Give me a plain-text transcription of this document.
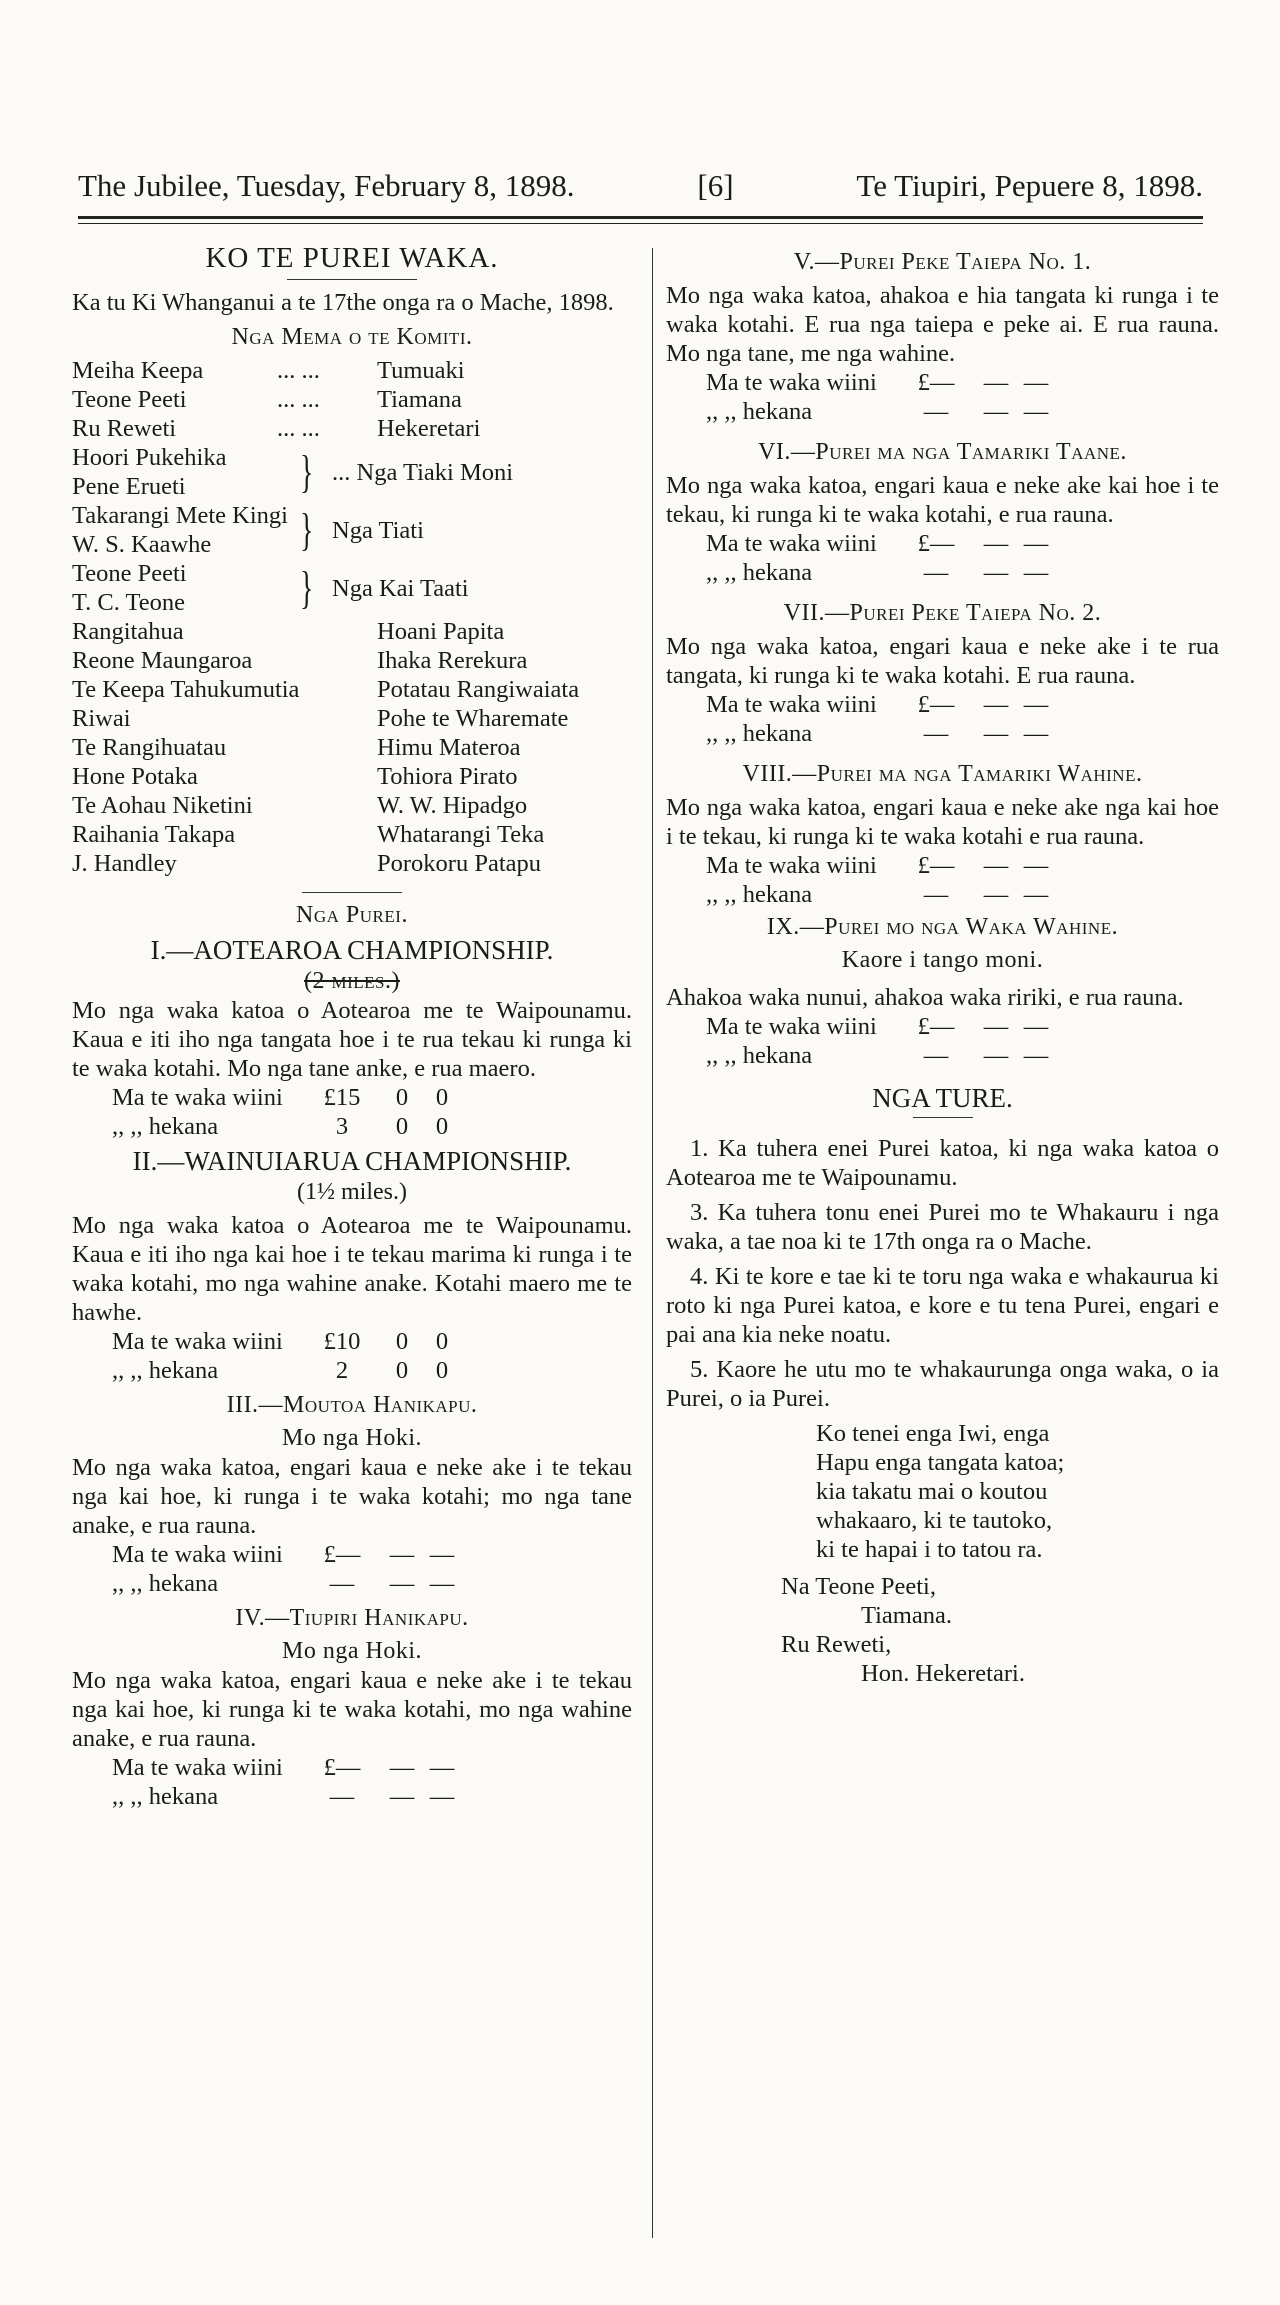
The Jubilee, Tuesday, February 8, 1898.	[6]	Te Tiupiri, Pepuere 8, 1898.
KO TE PUREI WAKA.

Ka tu Ki Whanganui a te 17the onga ra o Mache, 1898.

Nga Mema o te Komiti.
Meiha Keepa	... ...	Tumuaki
Teone Peeti	... ...	Tiamana
Ru Reweti	... ...	Hekeretari
Hoori Pukehika
Pene Erueti	} ... Nga Tiaki Moni
Takarangi Mete Kingi
W. S. Kaawhe	} Nga Tiati
Teone Peeti
T. C. Teone	} Nga Kai Taati
Rangitahua	Hoani Papita
Reone Maungaroa	Ihaka Rerekura
Te Keepa Tahukumutia	Potatau Rangiwaiata
Riwai	Pohe te Wharemate
Te Rangihuatau	Himu Materoa
Hone Potaka	Tohiora Pirato
Te Aohau Niketini	W. W. Hipadgo
Raihania Takapa	Whatarangi Teka
J. Handley	Porokoru Patapu
Nga Purei.
I.—AOTEAROA CHAMPIONSHIP.
(2 miles.)

Mo nga waka katoa o Aotearoa me te Waipounamu. Kaua e iti iho nga tangata hoe i te rua tekau ki runga ki te waka kotahi. Mo nga tane anke, e rua maero.

Ma te waka wiini	£15	0	0
,, ,, hekana	3	0	0
II.—WAINUIARUA CHAMPIONSHIP.
(1½ miles.)

Mo nga waka katoa o Aotearoa me te Waipounamu. Kaua e iti iho nga kai hoe i te tekau marima ki runga i te waka kotahi, mo nga wahine anake. Kotahi maero me te hawhe.

Ma te waka wiini	£10	0	0
,, ,, hekana	2	0	0
III.—Moutoa Hanikapu.
Mo nga Hoki.

Mo nga waka katoa, engari kaua e neke ake i te tekau nga kai hoe, ki runga i te waka kotahi; mo nga tane anake, e rua rauna.

Ma te waka wiini	£—	— —
,, ,, hekana	—	— —
IV.—Tiupiri Hanikapu.
Mo nga Hoki.

Mo nga waka katoa, engari kaua e neke ake i te tekau nga kai hoe, ki runga ki te waka kotahi, mo nga wahine anake, e rua rauna.

Ma te waka wiini	£—	— —
,, ,, hekana	—	— —
V.—Purei Peke Taiepa No. 1.

Mo nga waka katoa, ahakoa e hia tangata ki runga i te waka kotahi. E rua nga taiepa e peke ai. E rua rauna. Mo nga tane, me nga wahine.

Ma te waka wiini	£—	— —
,, ,, hekana	—	— —
VI.—Purei ma nga Tamariki Taane.

Mo nga waka katoa, engari kaua e neke ake kai hoe i te tekau, ki runga ki te waka kotahi, e rua rauna.

Ma te waka wiini	£—	— —
,, ,, hekana	—	— —
VII.—Purei Peke Taiepa No. 2.

Mo nga waka katoa, engari kaua e neke ake i te rua tangata, ki runga ki te waka kotahi. E rua rauna.

Ma te waka wiini	£—	— —
,, ,, hekana	—	— —
VIII.—Purei ma nga Tamariki Wahine.

Mo nga waka katoa, engari kaua e neke ake nga kai hoe i te tekau, ki runga ki te waka kotahi e rua rauna.

Ma te waka wiini	£—	— —
,, ,, hekana	—	— —
IX.—Purei mo nga Waka Wahine.
Kaore i tango moni.

Ahakoa waka nunui, ahakoa waka ririki, e rua rauna.

Ma te waka wiini	£—	— —
,, ,, hekana	—	— —
NGA TURE.

1. Ka tuhera enei Purei katoa, ki nga waka katoa o Aotearoa me te Waipounamu.

3. Ka tuhera tonu enei Purei mo te Whakauru i nga waka, a tae noa ki te 17th onga ra o Mache.

4. Ki te kore e tae ki te toru nga waka e whakaurua ki roto ki nga Purei katoa, e kore e tu tena Purei, engari e pai ana kia neke noatu.

5. Kaore he utu mo te whakaurunga onga waka, o ia Purei, o ia Purei.

Ko tenei enga Iwi, enga
Hapu enga tangata katoa;
kia takatu mai o koutou
whakaaro, ki te tautoko,
ki te hapai i to tatou ra.
Na Teone Peeti,
Tiamana.
Ru Reweti,
Hon. Hekeretari.
